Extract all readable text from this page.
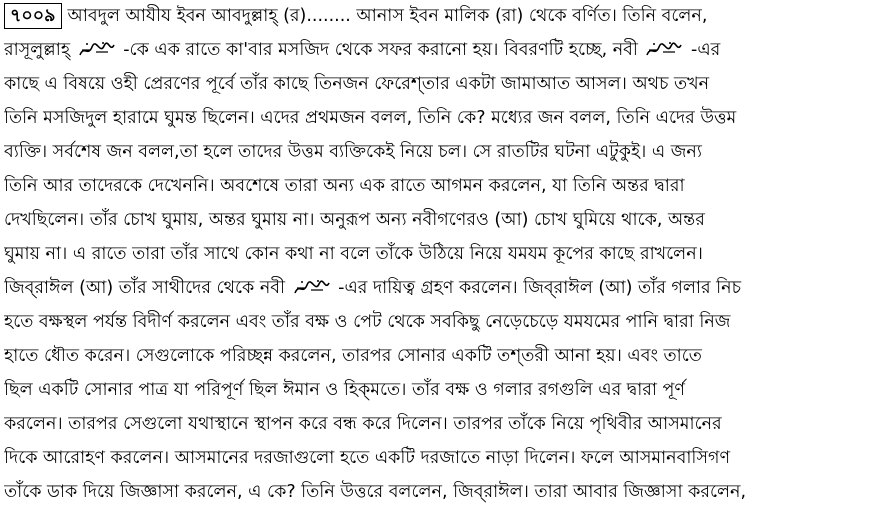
৭০০৯ আবদুল আযীয ইবন আবদুল্লাহ্‌ (র)........ আনাস ইবন মালিক (রা) থেকে বর্ণিত। তিনি বলেন,
রাসূলুল্লাহ্‌	-কে এক রাতে কা'বার মসজিদ থেকে সফর করানো হয়। বিবরণটি হচ্ছে, নবী	-এর
কাছে এ বিষয়ে ওহী প্রেরণের পূর্বে তাঁর কাছে তিনজন ফেরেশ্‌তার একটা জামাআত আসল। অথচ তখন
তিনি মসজিদুল হারামে ঘুমন্ত ছিলেন। এদের প্রথমজন বলল, তিনি কে? মধ্যের জন বলল, তিনি এদের উত্তম
ব্যক্তি। সর্বশেষ জন বলল,তা হলে তাদের উত্তম ব্যক্তিকেই নিয়ে চল। সে রাতটির ঘটনা এটুকুই। এ জন্য
তিনি আর তাদেরকে দেখেননি। অবশেষে তারা অন্য এক রাতে আগমন করলেন, যা তিনি অন্তর দ্বারা
দেখছিলেন। তাঁর চোখ ঘুমায়, অন্তর ঘুমায় না। অনুরূপ অন্য নবীগণেরও (আ) চোখ ঘুমিয়ে থাকে, অন্তর
ঘুমায় না। এ রাতে তারা তাঁর সাথে কোন কথা না বলে তাঁকে উঠিয়ে নিয়ে যমযম কূপের কাছে রাখলেন।
জিব্‌রাঈল (আ) তাঁর সাথীদের থেকে নবী	-এর দায়িত্ব গ্রহণ করলেন। জিব্‌রাঈল (আ) তাঁর গলার নিচ
হতে বক্ষস্থল পর্যন্ত বিদীর্ণ করলেন এবং তাঁর বক্ষ ও পেট থেকে সবকিছু নেড়েচেড়ে যমযমের পানি দ্বারা নিজ
হাতে ধৌত করেন। সেগুলোকে পরিচ্ছন্ন করলেন, তারপর সোনার একটি তশ্‌তরী আনা হয়। এবং তাতে
ছিল একটি সোনার পাত্র যা পরিপূর্ণ ছিল ঈমান ও হিক্‌মতে। তাঁর বক্ষ ও গলার রগগুলি এর দ্বারা পূর্ণ
করলেন। তারপর সেগুলো যথাস্থানে স্থাপন করে বন্ধ করে দিলেন। তারপর তাঁকে নিয়ে পৃথিবীর আসমানের
দিকে আরোহণ করলেন। আসমানের দরজাগুলো হতে একটি দরজাতে নাড়া দিলেন। ফলে আসমানবাসিগণ
তাঁকে ডাক দিয়ে জিজ্ঞাসা করলেন, এ কে? তিনি উত্তরে বললেন, জিব্‌রাঈল। তারা আবার জিজ্ঞাসা করলেন,
